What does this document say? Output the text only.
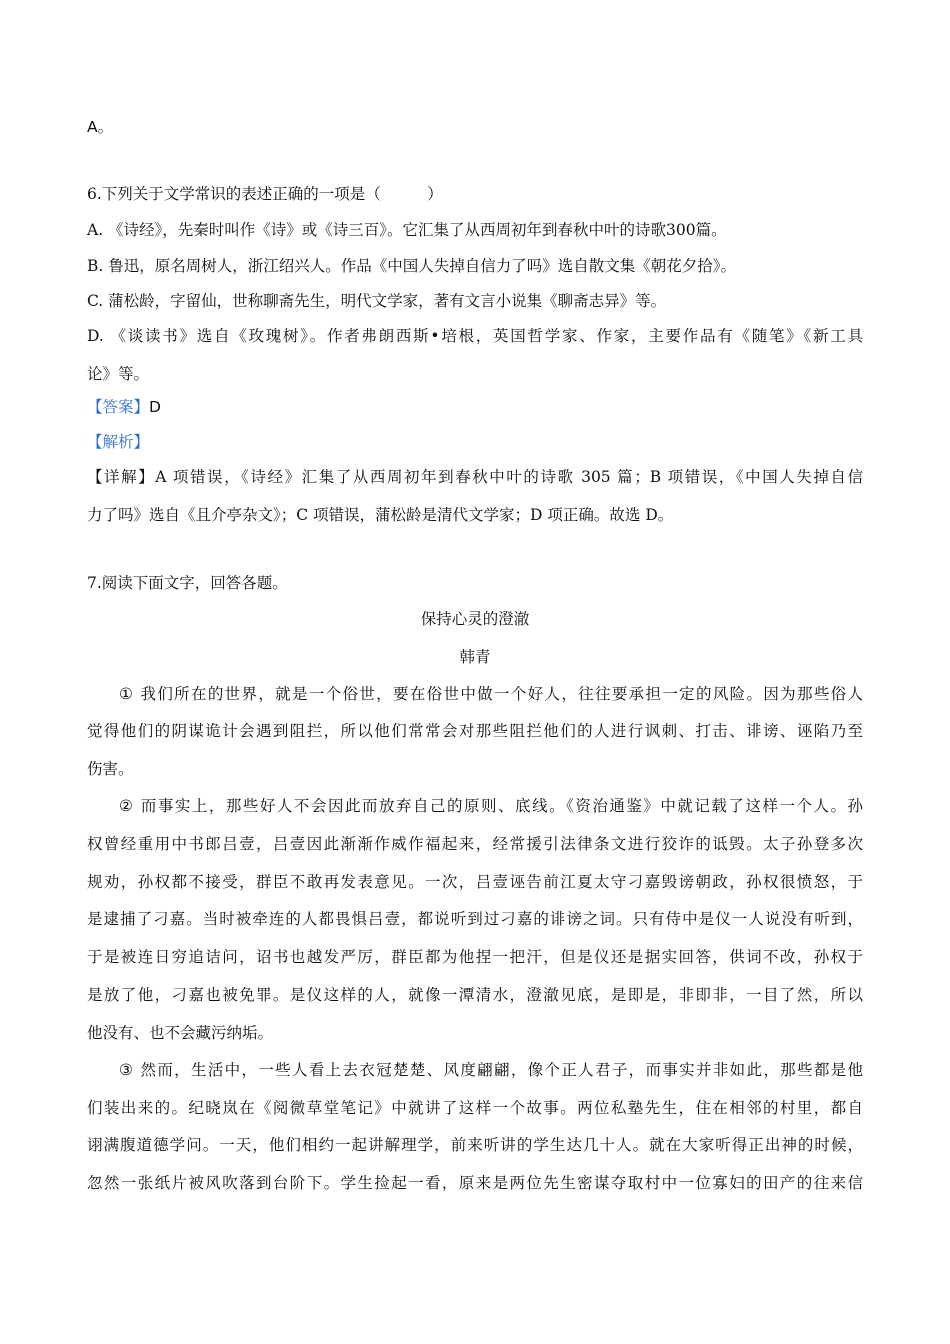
A。
6.下列关于文学常识的表述正确的一项是（　　　）
A. 《诗经》，先秦时叫作《诗》或《诗三百》。它汇集了从西周初年到春秋中叶的诗歌300篇。
B. 鲁迅，原名周树人，浙江绍兴人。作品《中国人失掉自信力了吗》选自散文集《朝花夕拾》。
C. 蒲松龄，字留仙，世称聊斋先生，明代文学家，著有文言小说集《聊斋志异》等。
D. 《谈读书》选自《玫瑰树》。作者弗朗西斯•培根，英国哲学家、作家，主要作品有《随笔》《新工具
论》等。
【答案】D
【解析】
【详解】A 项错误，《诗经》汇集了从西周初年到春秋中叶的诗歌 305 篇；B 项错误，《中国人失掉自信
力了吗》选自《且介亭杂文》；C 项错误，蒲松龄是清代文学家；D 项正确。故选 D。
7.阅读下面文字，回答各题。
保持心灵的澄澈
韩青
① 我们所在的世界，就是一个俗世，要在俗世中做一个好人，往往要承担一定的风险。因为那些俗人
觉得他们的阴谋诡计会遇到阻拦，所以他们常常会对那些阻拦他们的人进行讽刺、打击、诽谤、诬陷乃至
伤害。
② 而事实上，那些好人不会因此而放弃自己的原则、底线。《资治通鉴》中就记载了这样一个人。孙
权曾经重用中书郎吕壹，吕壹因此渐渐作威作福起来，经常援引法律条文进行狡诈的诋毁。太子孙登多次
规劝，孙权都不接受，群臣不敢再发表意见。一次，吕壹诬告前江夏太守刁嘉毁谤朝政，孙权很愤怒，于
是逮捕了刁嘉。当时被牵连的人都畏惧吕壹，都说听到过刁嘉的诽谤之词。只有侍中是仪一人说没有听到，
于是被连日穷追诘问，诏书也越发严厉，群臣都为他捏一把汗，但是仪还是据实回答，供词不改，孙权于
是放了他，刁嘉也被免罪。是仪这样的人，就像一潭清水，澄澈见底，是即是，非即非，一目了然，所以
他没有、也不会藏污纳垢。
③ 然而，生活中，一些人看上去衣冠楚楚、风度翩翩，像个正人君子，而事实并非如此，那些都是他
们装出来的。纪晓岚在《阅微草堂笔记》中就讲了这样一个故事。两位私塾先生，住在相邻的村里，都自
诩满腹道德学问。一天，他们相约一起讲解理学，前来听讲的学生达几十人。就在大家听得正出神的时候，
忽然一张纸片被风吹落到台阶下。学生捡起一看，原来是两位先生密谋夺取村中一位寡妇的田产的往来信
